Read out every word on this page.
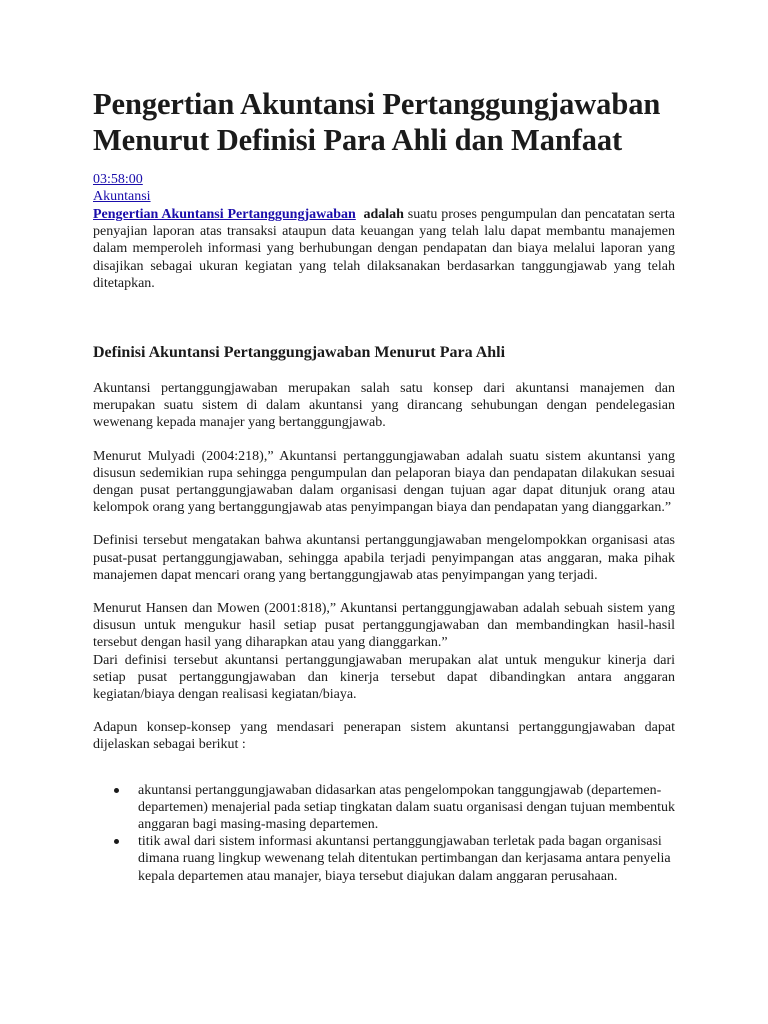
Pengertian Akuntansi Pertanggungjawaban Menurut Definisi Para Ahli dan Manfaat
03:58:00
Akuntansi

Pengertian Akuntansi Pertanggungjawaban adalah suatu proses pengumpulan dan pencatatan serta penyajian laporan atas transaksi ataupun data keuangan yang telah lalu dapat membantu manajemen dalam memperoleh informasi yang berhubungan dengan pendapatan dan biaya melalui laporan yang disajikan sebagai ukuran kegiatan yang telah dilaksanakan berdasarkan tanggungjawab yang telah ditetapkan.

Definisi Akuntansi Pertanggungjawaban Menurut Para Ahli

Akuntansi pertanggungjawaban merupakan salah satu konsep dari akuntansi manajemen dan merupakan suatu sistem di dalam akuntansi yang dirancang sehubungan dengan pendelegasian wewenang kepada manajer yang bertanggungjawab.

Menurut Mulyadi (2004:218),” Akuntansi pertanggungjawaban adalah suatu sistem akuntansi yang disusun sedemikian rupa sehingga pengumpulan dan pelaporan biaya dan pendapatan dilakukan sesuai dengan pusat pertanggungjawaban dalam organisasi dengan tujuan agar dapat ditunjuk orang atau kelompok orang yang bertanggungjawab atas penyimpangan biaya dan pendapatan yang dianggarkan.”

Definisi tersebut mengatakan bahwa akuntansi pertanggungjawaban mengelompokkan organisasi atas pusat-pusat pertanggungjawaban, sehingga apabila terjadi penyimpangan atas anggaran, maka pihak manajemen dapat mencari orang yang bertanggungjawab atas penyimpangan yang terjadi.

Menurut Hansen dan Mowen (2001:818),” Akuntansi pertanggungjawaban adalah sebuah sistem yang disusun untuk mengukur hasil setiap pusat pertanggungjawaban dan membandingkan hasil-hasil tersebut dengan hasil yang diharapkan atau yang dianggarkan.”

Dari definisi tersebut akuntansi pertanggungjawaban merupakan alat untuk mengukur kinerja dari setiap pusat pertanggungjawaban dan kinerja tersebut dapat dibandingkan antara anggaran kegiatan/biaya dengan realisasi kegiatan/biaya.

Adapun konsep-konsep yang mendasari penerapan sistem akuntansi pertanggungjawaban dapat dijelaskan sebagai berikut :

akuntansi pertanggungjawaban didasarkan atas pengelompokan tanggungjawab (departemen-departemen) menajerial pada setiap tingkatan dalam suatu organisasi dengan tujuan membentuk anggaran bagi masing-masing departemen.
titik awal dari sistem informasi akuntansi pertanggungjawaban terletak pada bagan organisasi dimana ruang lingkup wewenang telah ditentukan pertimbangan dan kerjasama antara penyelia kepala departemen atau manajer, biaya tersebut diajukan dalam anggaran perusahaan.
